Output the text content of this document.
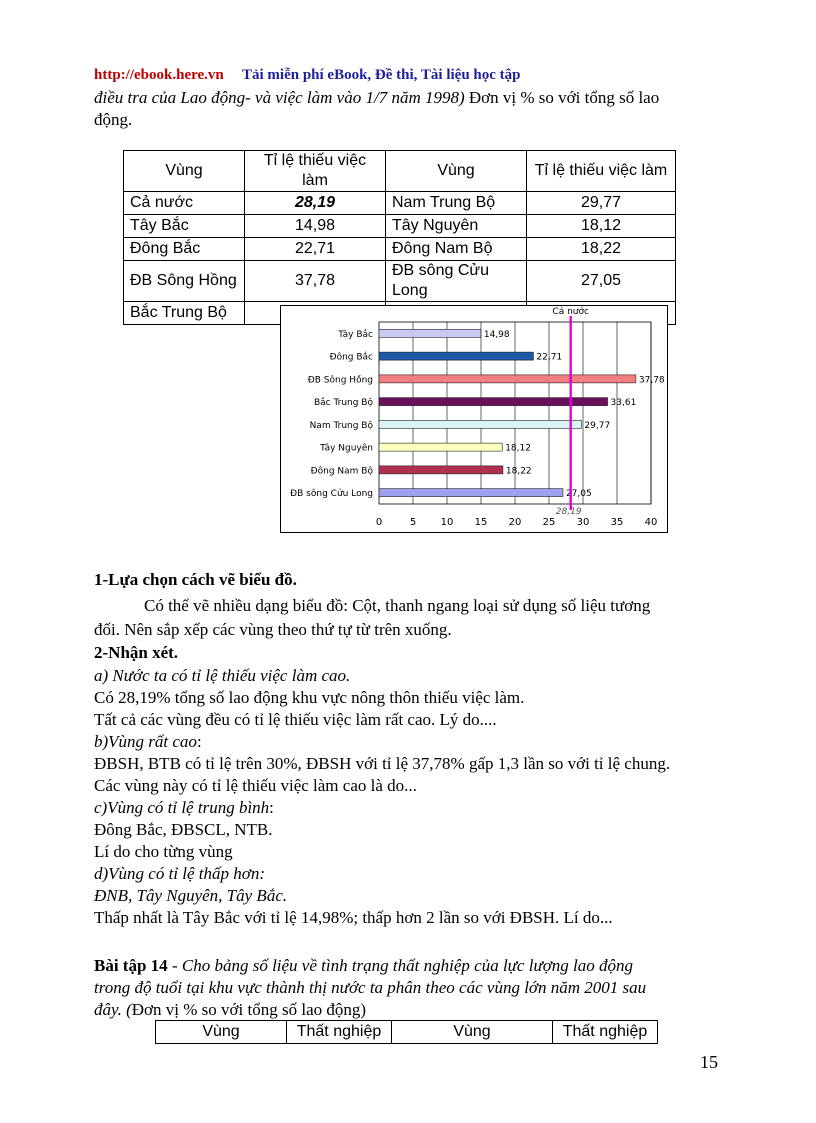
http://ebook.here.vn Tải miễn phí eBook, Đề thi, Tài liệu học tập
điều tra của Lao động- và việc làm vào 1/7 năm 1998) Đơn vị % so với tổng số lao
động.
Vùng	Tỉ lệ thiếu việc làm	Vùng	Tỉ lệ thiếu việc làm
Cả nước	28,19	Nam Trung Bộ	29,77
Tây Bắc	14,98	Tây Nguyên	18,12
Đông Bắc	22,71	Đông Nam Bộ	18,22
ĐB Sông Hồng	37,78	ĐB sông Cửu Long	27,05
Bắc Trung Bộ			
0	5 10 15 20 25 30 35 40
Tây Bắc	14,98
Đông Bắc	22,71
ĐB Sông Hồng	37,78
Bắc Trung Bộ	33,61
Nam Trung Bộ	29,77
Tây Nguyên	18,12
Đông Nam Bộ	18,22
ĐB sông Cửu Long	27,05
Cả nước
28,19
1-Lựa chọn cách vẽ biểu đồ.
Có thể vẽ nhiều dạng biểu đồ: Cột, thanh ngang loại sử dụng số liệu tương
đối. Nên sắp xếp các vùng theo thứ tự từ trên xuống.
2-Nhận xét.
a) Nước ta có tỉ lệ thiếu việc làm cao.
Có 28,19% tổng số lao động khu vực nông thôn thiếu việc làm.
Tất cả các vùng đều có tỉ lệ thiếu việc làm rất cao. Lý do....
b)Vùng rất cao:
ĐBSH, BTB có tỉ lệ trên 30%, ĐBSH với tỉ lệ 37,78% gấp 1,3 lần so với tỉ lệ chung.
Các vùng này có tỉ lệ thiếu việc làm cao là do...
c)Vùng có tỉ lệ trung bình:
Đông Bắc, ĐBSCL, NTB.
Lí do cho từng vùng
d)Vùng có tỉ lệ thấp hơn:
ĐNB, Tây Nguyên, Tây Bắc.
Thấp nhất là Tây Bắc với tỉ lệ 14,98%; thấp hơn 2 lần so với ĐBSH. Lí do...
Bài tập 14 - Cho bảng số liệu về tình trạng thất nghiệp của lực lượng lao động
trong độ tuổi tại khu vực thành thị nước ta phân theo các vùng lớn năm 2001 sau
đây. (Đơn vị % so với tổng số lao động)
Vùng	Thất nghiệp	Vùng	Thất nghiệp
15
